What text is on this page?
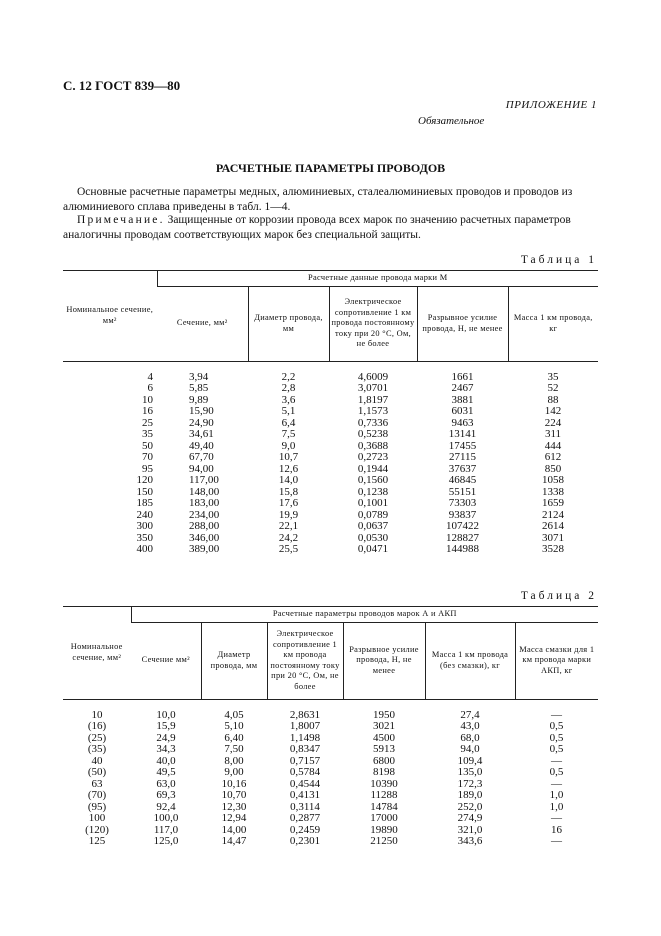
С. 12 ГОСТ 839—80
ПРИЛОЖЕНИЕ 1
Обязательное
РАСЧЕТНЫЕ ПАРАМЕТРЫ ПРОВОДОВ

Основные расчетные параметры медных, алюминиевых, сталеалюминиевых проводов и проводов из алюминиевого сплава приведены в табл. 1—4.

Примечание. Защищенные от коррозии провода всех марок по значению расчетных параметров аналогичны проводам соответствующих марок без специальной защиты.

Таблица 1
Номинальное сечение, мм²	Расчетные данные провода марки М				
	Сечение, мм²	Диаметр провода, мм	Электрическое сопротивление 1 км провода постоянному току при 20 °С, Ом, не более	Разрывное усилие провода, Н, не менее	Масса 1 км провода, кг
4	3,94	2,2	4,6009	1661	35
6	5,85	2,8	3,0701	2467	52
10	9,89	3,6	1,8197	3881	88
16	15,90	5,1	1,1573	6031	142
25	24,90	6,4	0,7336	9463	224
35	34,61	7,5	0,5238	13141	311
50	49,40	9,0	0,3688	17455	444
70	67,70	10,7	0,2723	27115	612
95	94,00	12,6	0,1944	37637	850
120	117,00	14,0	0,1560	46845	1058
150	148,00	15,8	0,1238	55151	1338
185	183,00	17,6	0,1001	73303	1659
240	234,00	19,9	0,0789	93837	2124
300	288,00	22,1	0,0637	107422	2614
350	346,00	24,2	0,0530	128827	3071
400	389,00	25,5	0,0471	144988	3528
Таблица 2
Номинальное сечение, мм²	Расчетные параметры проводов марок А и АКП					
	Сечение мм²	Диаметр провода, мм	Электрическое сопротивление 1 км провода постоянному току при 20 °С, Ом, не более	Разрывное усилие провода, Н, не менее	Масса 1 км провода (без смазки), кг	Масса смазки для 1 км провода марки АКП, кг
10	10,0	4,05	2,8631	1950	27,4	—
(16)	15,9	5,10	1,8007	3021	43,0	0,5
(25)	24,9	6,40	1,1498	4500	68,0	0,5
(35)	34,3	7,50	0,8347	5913	94,0	0,5
40	40,0	8,00	0,7157	6800	109,4	—
(50)	49,5	9,00	0,5784	8198	135,0	0,5
63	63,0	10,16	0,4544	10390	172,3	—
(70)	69,3	10,70	0,4131	11288	189,0	1,0
(95)	92,4	12,30	0,3114	14784	252,0	1,0
100	100,0	12,94	0,2877	17000	274,9	—
(120)	117,0	14,00	0,2459	19890	321,0	16
125	125,0	14,47	0,2301	21250	343,6	—
